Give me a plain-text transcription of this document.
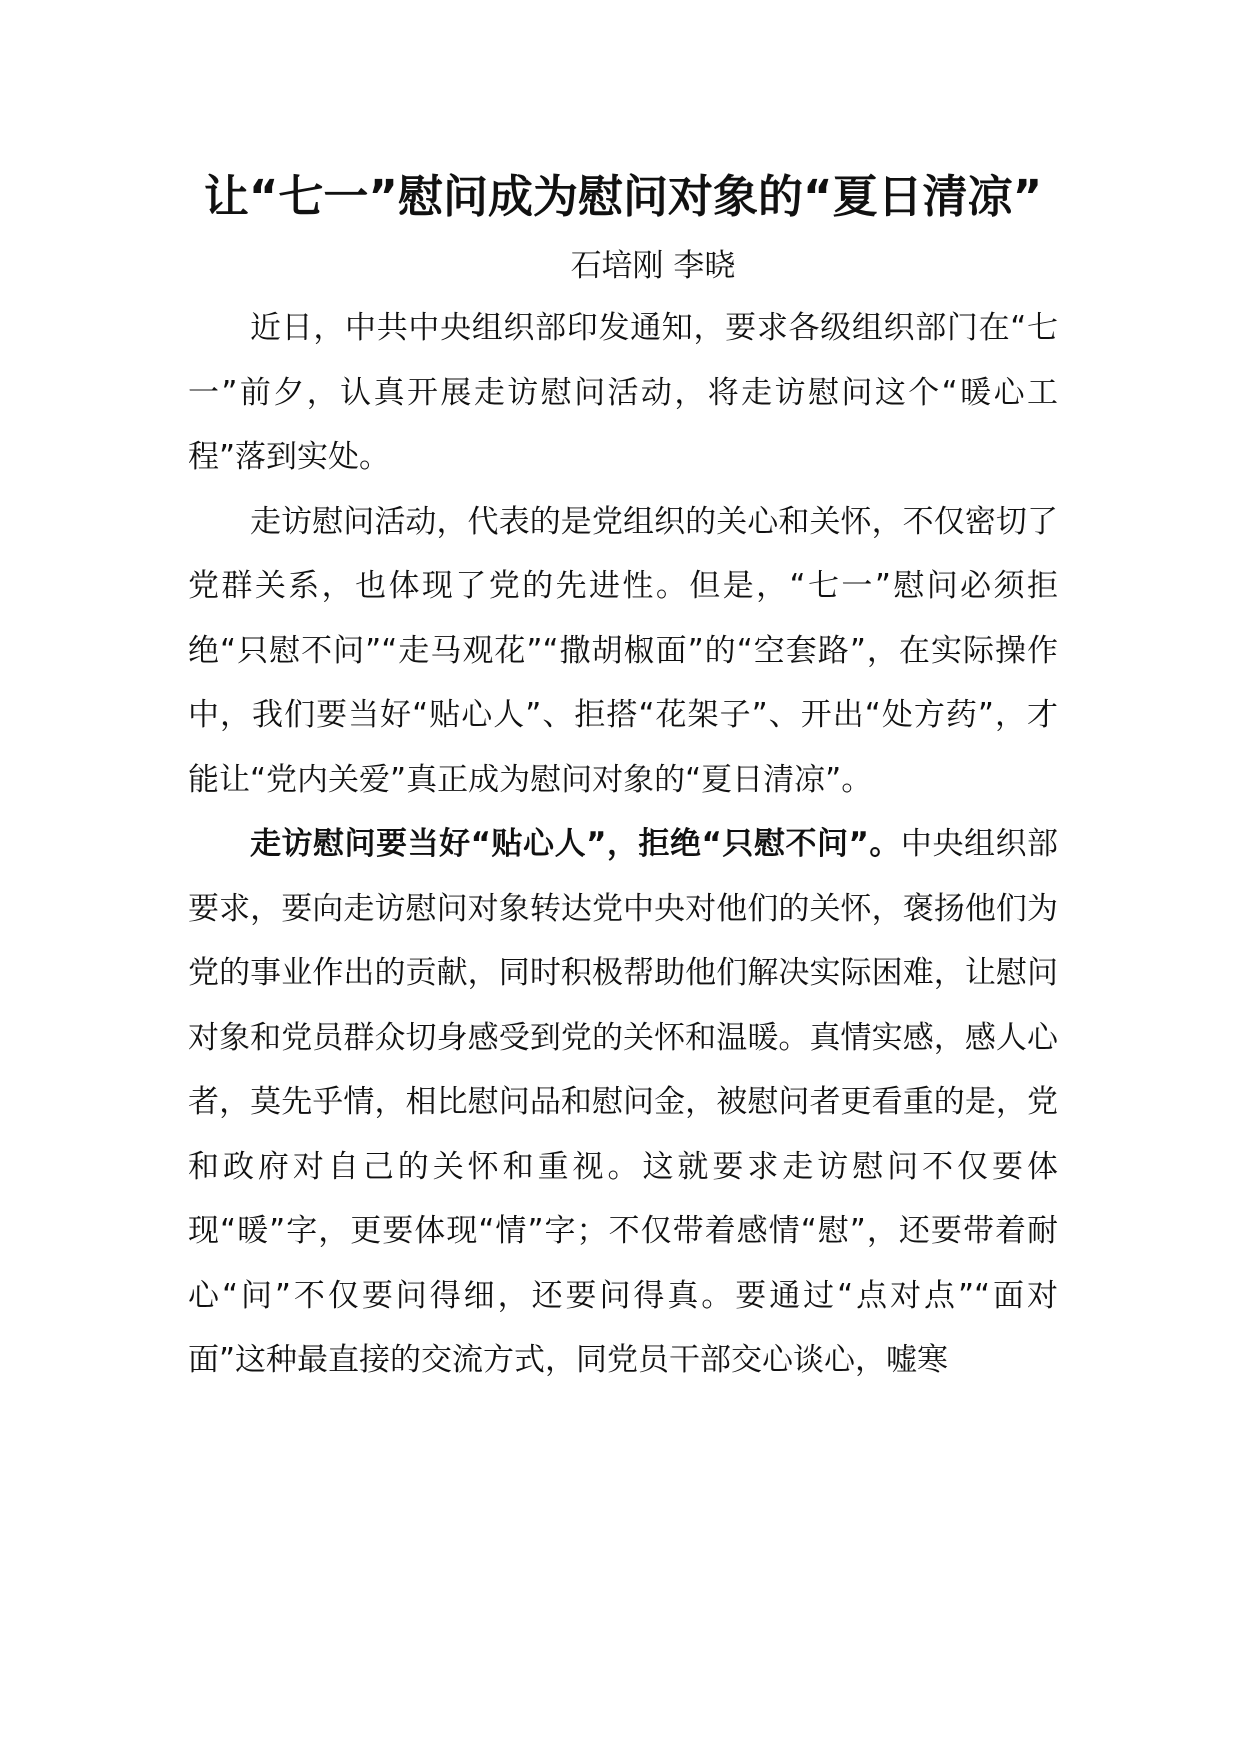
让“七一”慰问成为慰问对象的“夏日清凉”
石培刚 李晓

近日，中共中央组织部印发通知，要求各级组织部门在“七一”前夕，认真开展走访慰问活动，将走访慰问这个“暖心工程”落到实处。

走访慰问活动，代表的是党组织的关心和关怀，不仅密切了党群关系，也体现了党的先进性。但是，“七一”慰问必须拒绝“只慰不问”“走马观花”“撒胡椒面”的“空套路”，在实际操作中，我们要当好“贴心人”、拒搭“花架子”、开出“处方药”，才能让“党内关爱”真正成为慰问对象的“夏日清凉”。

走访慰问要当好“贴心人”，拒绝“只慰不问”。中央组织部要求，要向走访慰问对象转达党中央对他们的关怀，褒扬他们为党的事业作出的贡献，同时积极帮助他们解决实际困难，让慰问对象和党员群众切身感受到党的关怀和温暖。真情实感，感人心者，莫先乎情，相比慰问品和慰问金，被慰问者更看重的是，党和政府对自己的关怀和重视。这就要求走访慰问不仅要体现“暖”字，更要体现“情”字；不仅带着感情“慰”，还要带着耐心“问”不仅要问得细，还要问得真。要通过“点对点”“面对面”这种最直接的交流方式，同党员干部交心谈心，嘘寒
